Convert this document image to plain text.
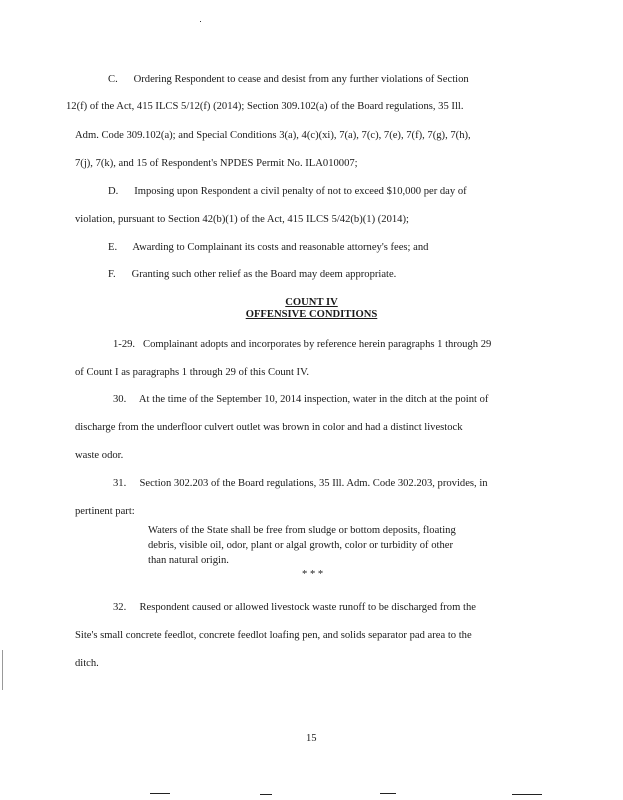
C.      Ordering Respondent to cease and desist from any further violations of Section
12(f) of the Act, 415 ILCS 5/12(f) (2014); Section 309.102(a) of the Board regulations, 35 Ill.
Adm. Code 309.102(a); and Special Conditions 3(a), 4(c)(xi), 7(a), 7(c), 7(e), 7(f), 7(g), 7(h),
7(j), 7(k), and 15 of Respondent's NPDES Permit No. ILA010007;
D.      Imposing upon Respondent a civil penalty of not to exceed $10,000 per day of
violation, pursuant to Section 42(b)(1) of the Act, 415 ILCS 5/42(b)(1) (2014);
E.      Awarding to Complainant its costs and reasonable attorney's fees; and
F.      Granting such other relief as the Board may deem appropriate.
COUNT IV
OFFENSIVE CONDITIONS
1-29.   Complainant adopts and incorporates by reference herein paragraphs 1 through 29
of Count I as paragraphs 1 through 29 of this Count IV.
30.     At the time of the September 10, 2014 inspection, water in the ditch at the point of
discharge from the underfloor culvert outlet was brown in color and had a distinct livestock
waste odor.
31.     Section 302.203 of the Board regulations, 35 Ill. Adm. Code 302.203, provides, in
pertinent part:
Waters of the State shall be free from sludge or bottom deposits, floating
debris, visible oil, odor, plant or algal growth, color or turbidity of other
than natural origin.
* * *
32.     Respondent caused or allowed livestock waste runoff to be discharged from the
Site's small concrete feedlot, concrete feedlot loafing pen, and solids separator pad area to the
ditch.
15
